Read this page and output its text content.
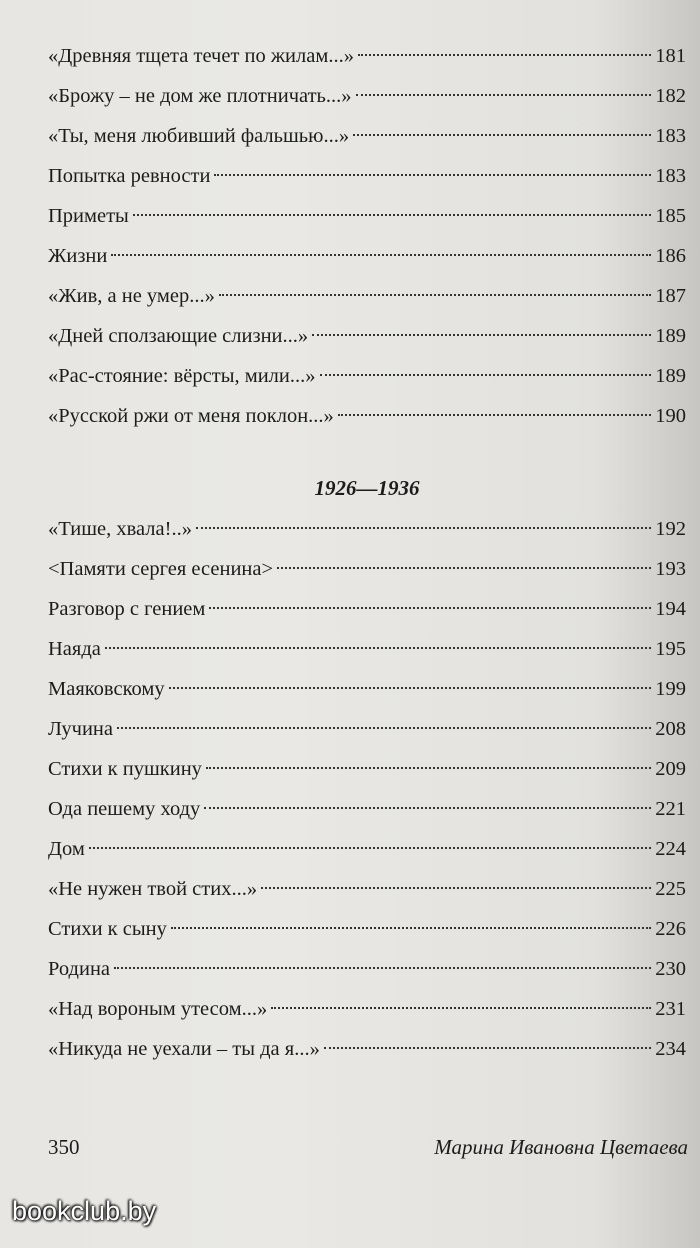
«Древняя тщета течет по жилам...»	181
«Брожу – не дом же плотничать...»	182
«Ты, меня любивший фальшью...»	183
Попытка ревности	183
Приметы	185
Жизни	186
«Жив, а не умер...»	187
«Дней сползающие слизни...»	189
«Рас-стояние: вёрсты, мили...»	189
«Русской ржи от меня поклон...»	190
1926—1936
«Тише, хвала!..»	192
<Памяти сергея есенина>	193
Разговор с гением	194
Наяда	195
Маяковскому	199
Лучина	208
Стихи к пушкину	209
Ода пешему ходу	221
Дом	224
«Не нужен твой стих...»	225
Стихи к сыну	226
Родина	230
«Над вороным утесом...»	231
«Никуда не уехали – ты да я...»	234
350	Марина Ивановна Цветаева
bookclub.by
